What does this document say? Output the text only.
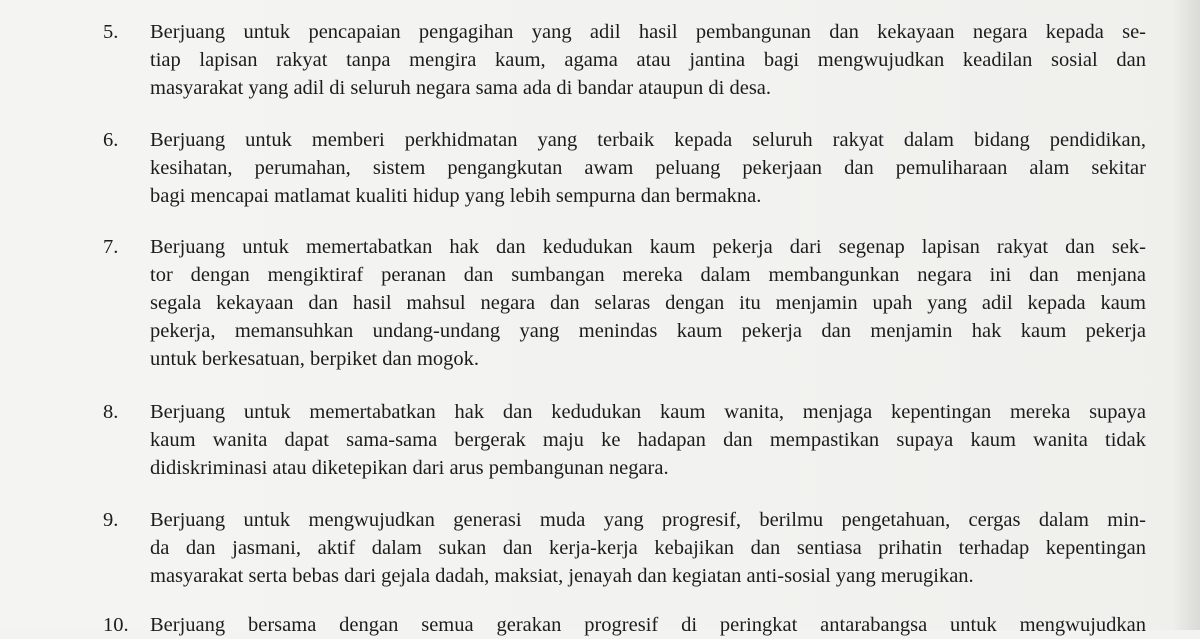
5.	Berjuang untuk pencapaian pengagihan yang adil hasil pembangunan dan kekayaan negara kepada se-
tiap lapisan rakyat tanpa mengira kaum, agama atau jantina bagi mengwujudkan keadilan sosial dan
masyarakat yang adil di seluruh negara sama ada di bandar ataupun di desa.
6.	Berjuang untuk memberi perkhidmatan yang terbaik kepada seluruh rakyat dalam bidang pendidikan,
kesihatan, perumahan, sistem pengangkutan awam peluang pekerjaan dan pemuliharaan alam sekitar
bagi mencapai matlamat kualiti hidup yang lebih sempurna dan bermakna.
7.	Berjuang untuk memertabatkan hak dan kedudukan kaum pekerja dari segenap lapisan rakyat dan sek-
tor dengan mengiktiraf peranan dan sumbangan mereka dalam membangunkan negara ini dan menjana
segala kekayaan dan hasil mahsul negara dan selaras dengan itu menjamin upah yang adil kepada kaum
pekerja, memansuhkan undang-undang yang menindas kaum pekerja dan menjamin hak kaum pekerja
untuk berkesatuan, berpiket dan mogok.
8.	Berjuang untuk memertabatkan hak dan kedudukan kaum wanita, menjaga kepentingan mereka supaya
kaum wanita dapat sama-sama bergerak maju ke hadapan dan mempastikan supaya kaum wanita tidak
didiskriminasi atau diketepikan dari arus pembangunan negara.
9.	Berjuang untuk mengwujudkan generasi muda yang progresif, berilmu pengetahuan, cergas dalam min-
da dan jasmani, aktif dalam sukan dan kerja-kerja kebajikan dan sentiasa prihatin terhadap kepentingan
masyarakat serta bebas dari gejala dadah, maksiat, jenayah dan kegiatan anti-sosial yang merugikan.
10.	Berjuang bersama dengan semua gerakan progresif di peringkat antarabangsa untuk mengwujudkan
